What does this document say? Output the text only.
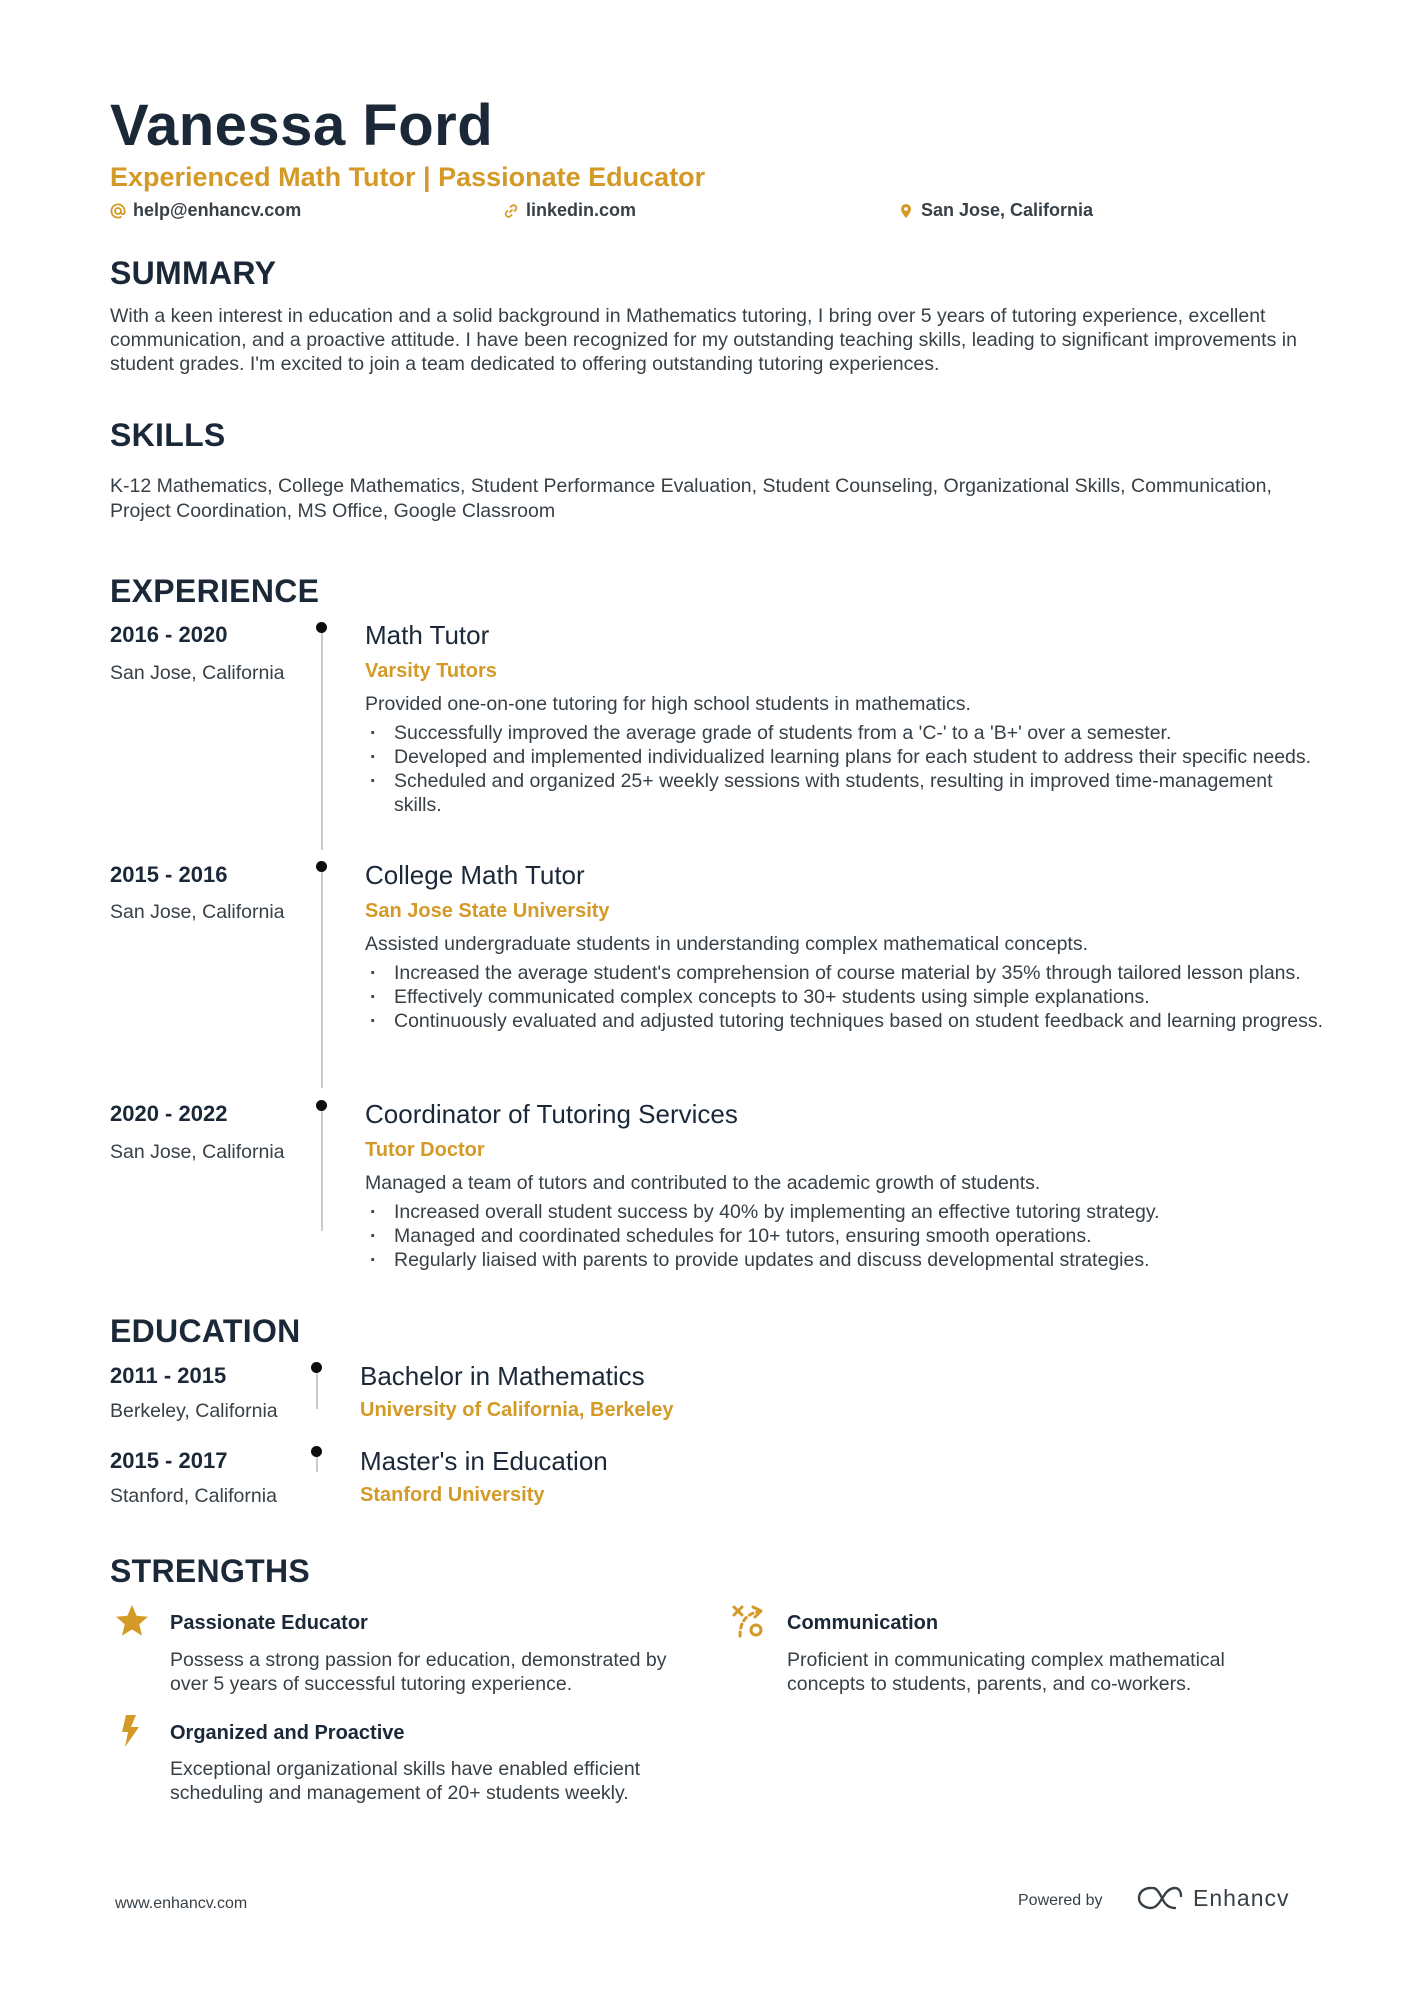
Vanessa Ford
Experienced Math Tutor | Passionate Educator
help@enhancv.com	linkedin.com	San Jose, California
SUMMARY
With a keen interest in education and a solid background in Mathematics tutoring, I bring over 5 years of tutoring experience, excellent communication, and a proactive attitude. I have been recognized for my outstanding teaching skills, leading to significant improvements in student grades. I'm excited to join a team dedicated to offering outstanding tutoring experiences.
SKILLS
K-12 Mathematics, College Mathematics, Student Performance Evaluation, Student Counseling, Organizational Skills, Communication, Project Coordination, MS Office, Google Classroom
EXPERIENCE
2016 - 2020
San Jose, California
Math Tutor
Varsity Tutors
Provided one-on-one tutoring for high school students in mathematics.
· Successfully improved the average grade of students from a 'C-' to a 'B+' over a semester.
· Developed and implemented individualized learning plans for each student to address their specific needs.
· Scheduled and organized 25+ weekly sessions with students, resulting in improved time-management skills.
2015 - 2016
San Jose, California
College Math Tutor
San Jose State University
Assisted undergraduate students in understanding complex mathematical concepts.
· Increased the average student's comprehension of course material by 35% through tailored lesson plans.
· Effectively communicated complex concepts to 30+ students using simple explanations.
· Continuously evaluated and adjusted tutoring techniques based on student feedback and learning progress.
2020 - 2022
San Jose, California
Coordinator of Tutoring Services
Tutor Doctor
Managed a team of tutors and contributed to the academic growth of students.
· Increased overall student success by 40% by implementing an effective tutoring strategy.
· Managed and coordinated schedules for 10+ tutors, ensuring smooth operations.
· Regularly liaised with parents to provide updates and discuss developmental strategies.
EDUCATION
2011 - 2015
Berkeley, California
Bachelor in Mathematics
University of California, Berkeley
2015 - 2017
Stanford, California
Master's in Education
Stanford University
STRENGTHS
Passionate Educator
Possess a strong passion for education, demonstrated by over 5 years of successful tutoring experience.
Communication
Proficient in communicating complex mathematical concepts to students, parents, and co-workers.
Organized and Proactive
Exceptional organizational skills have enabled efficient scheduling and management of 20+ students weekly.
www.enhancv.com	Powered by	Enhancv
